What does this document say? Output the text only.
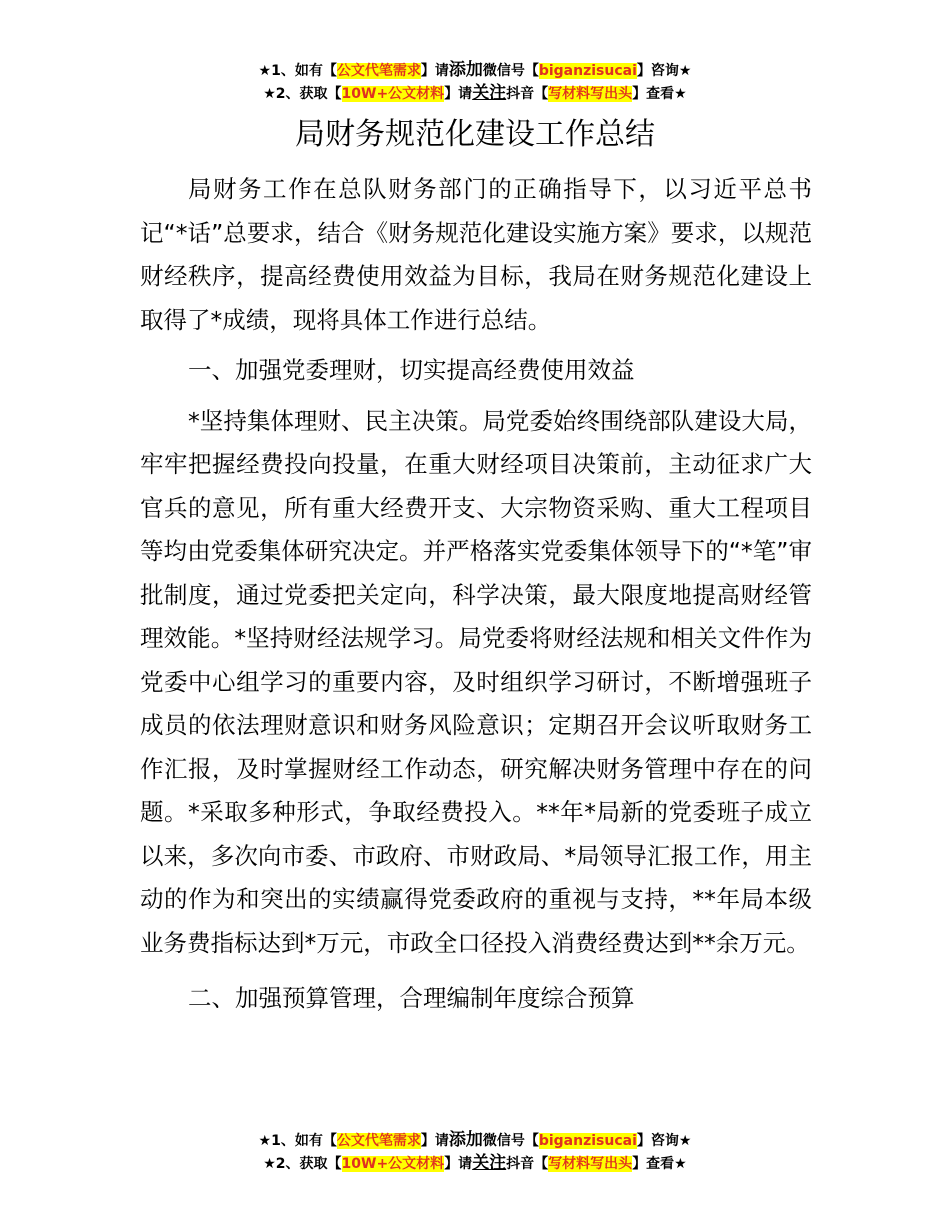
★1、如有【公文代笔需求】请添加微信号【biganzisucai】咨询★
★2、获取【10W+公文材料】请关注抖音【写材料写出头】查看★
局财务规范化建设工作总结

局财务工作在总队财务部门的正确指导下，以习近平总书记“*话”总要求，结合《财务规范化建设实施方案》要求，以规范财经秩序，提高经费使用效益为目标，我局在财务规范化建设上取得了*成绩，现将具体工作进行总结。

一、加强党委理财，切实提高经费使用效益

*坚持集体理财、民主决策。局党委始终围绕部队建设大局，牢牢把握经费投向投量，在重大财经项目决策前，主动征求广大官兵的意见，所有重大经费开支、大宗物资采购、重大工程项目等均由党委集体研究决定。并严格落实党委集体领导下的“*笔”审批制度，通过党委把关定向，科学决策，最大限度地提高财经管理效能。*坚持财经法规学习。局党委将财经法规和相关文件作为党委中心组学习的重要内容，及时组织学习研讨，不断增强班子成员的依法理财意识和财务风险意识；定期召开会议听取财务工作汇报，及时掌握财经工作动态，研究解决财务管理中存在的问题。*采取多种形式，争取经费投入。**年*局新的党委班子成立以来，多次向市委、市政府、市财政局、*局领导汇报工作，用主动的作为和突出的实绩赢得党委政府的重视与支持，**年局本级业务费指标达到*万元，市政全口径投入消费经费达到**余万元。

二、加强预算管理，合理编制年度综合预算

★1、如有【公文代笔需求】请添加微信号【biganzisucai】咨询★
★2、获取【10W+公文材料】请关注抖音【写材料写出头】查看★
